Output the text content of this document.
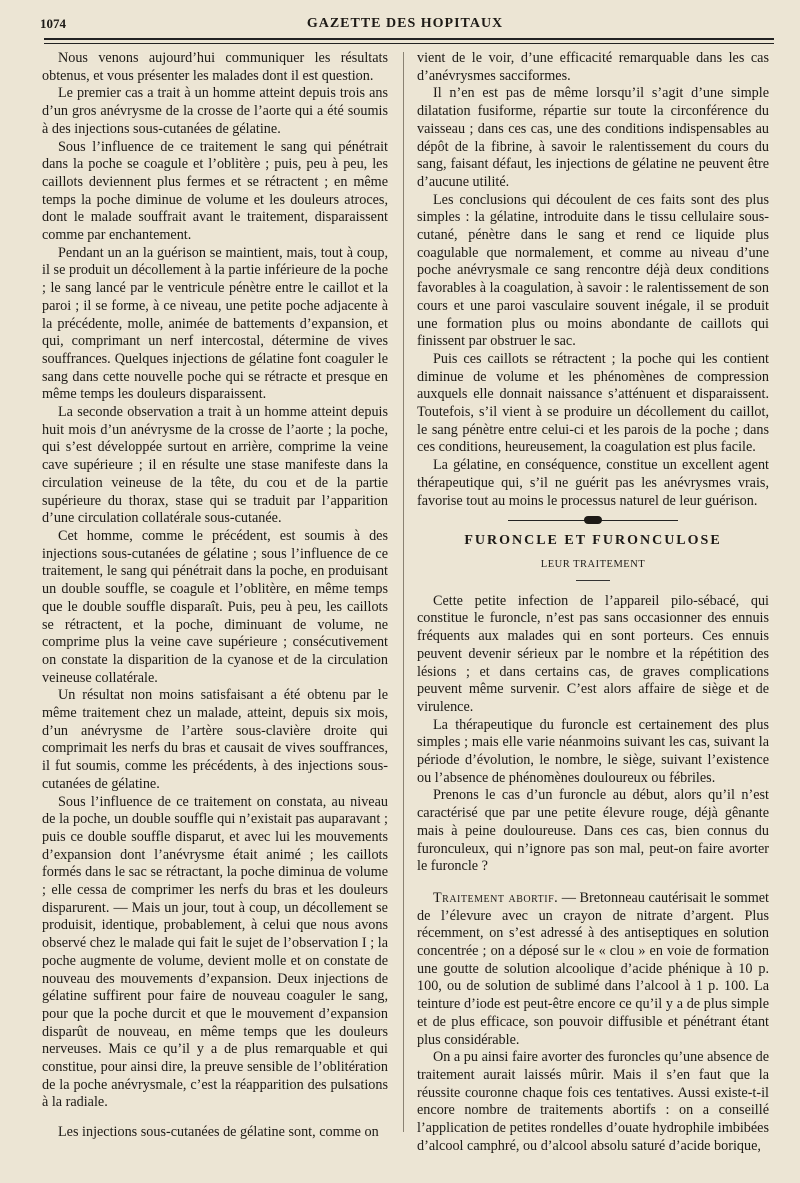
1074	GAZETTE DES HOPITAUX

Nous venons aujourd’hui communiquer les résultats obtenus, et vous présenter les malades dont il est question.

Le premier cas a trait à un homme atteint depuis trois ans d’un gros anévrysme de la crosse de l’aorte qui a été soumis à des injections sous-cutanées de gélatine.

Sous l’influence de ce traitement le sang qui pénétrait dans la poche se coagule et l’oblitère ; puis, peu à peu, les caillots deviennent plus fermes et se rétractent ; en même temps la poche diminue de volume et les douleurs atroces, dont le malade souffrait avant le traitement, disparaissent comme par enchantement.

Pendant un an la guérison se maintient, mais, tout à coup, il se produit un décollement à la partie inférieure de la poche ; le sang lancé par le ventricule pénètre entre le caillot et la paroi ; il se forme, à ce niveau, une petite poche adjacente à la précédente, molle, animée de battements d’expansion, et qui, comprimant un nerf intercostal, détermine de vives souffrances. Quelques injections de gélatine font coaguler le sang dans cette nouvelle poche qui se rétracte et presque en même temps les douleurs disparaissent.

La seconde observation a trait à un homme atteint depuis huit mois d’un anévrysme de la crosse de l’aorte ; la poche, qui s’est développée surtout en arrière, comprime la veine cave supérieure ; il en résulte une stase manifeste dans la circulation veineuse de la tête, du cou et de la partie supérieure du thorax, stase qui se traduit par l’apparition d’une circulation collatérale sous-cutanée.

Cet homme, comme le précédent, est soumis à des injections sous-cutanées de gélatine ; sous l’influence de ce traitement, le sang qui pénétrait dans la poche, en produisant un double souffle, se coagule et l’oblitère, en même temps que le double souffle disparaît. Puis, peu à peu, les caillots se rétractent, et la poche, diminuant de volume, ne comprime plus la veine cave supérieure ; consécutivement on constate la disparition de la cyanose et de la circulation veineuse collatérale.

Un résultat non moins satisfaisant a été obtenu par le même traitement chez un malade, atteint, depuis six mois, d’un anévrysme de l’artère sous-clavière droite qui comprimait les nerfs du bras et causait de vives souffrances, il fut soumis, comme les précédents, à des injections sous-cutanées de gélatine.

Sous l’influence de ce traitement on constata, au niveau de la poche, un double souffle qui n’existait pas auparavant ; puis ce double souffle disparut, et avec lui les mouvements d’expansion dont l’anévrysme était animé ; les caillots formés dans le sac se rétractant, la poche diminua de volume ; elle cessa de comprimer les nerfs du bras et les douleurs disparurent. — Mais un jour, tout à coup, un décollement se produisit, identique, probablement, à celui que nous avons observé chez le malade qui fait le sujet de l’observation I ; la poche augmente de volume, devient molle et on constate de nouveau des mouvements d’expansion. Deux injections de gélatine suffirent pour faire de nouveau coaguler le sang, pour que la poche durcit et que le mouvement d’expansion disparût de nouveau, en même temps que les douleurs nerveuses. Mais ce qu’il y a de plus remarquable et qui constitue, pour ainsi dire, la preuve sensible de l’oblitération de la poche anévrysmale, c’est la réapparition des pulsations à la radiale.

Les injections sous-cutanées de gélatine sont, comme on

vient de le voir, d’une efficacité remarquable dans les cas d’anévrysmes sacciformes.

Il n’en est pas de même lorsqu’il s’agit d’une simple dilatation fusiforme, répartie sur toute la circonférence du vaisseau ; dans ces cas, une des conditions indispensables au dépôt de la fibrine, à savoir le ralentissement du cours du sang, faisant défaut, les injections de gélatine ne peuvent être d’aucune utilité.

Les conclusions qui découlent de ces faits sont des plus simples : la gélatine, introduite dans le tissu cellulaire sous-cutané, pénètre dans le sang et rend ce liquide plus coagulable que normalement, et comme au niveau d’une poche anévrysmale ce sang rencontre déjà deux conditions favorables à la coagulation, à savoir : le ralentissement de son cours et une paroi vasculaire souvent inégale, il se produit une formation plus ou moins abondante de caillots qui finissent par obstruer le sac.

Puis ces caillots se rétractent ; la poche qui les contient diminue de volume et les phénomènes de compression auxquels elle donnait naissance s’atténuent et disparaissent. Toutefois, s’il vient à se produire un décollement du caillot, le sang pénètre entre celui-ci et les parois de la poche ; dans ces conditions, heureusement, la coagulation est plus facile.

La gélatine, en conséquence, constitue un excellent agent thérapeutique qui, s’il ne guérit pas les anévrysmes vrais, favorise tout au moins le processus naturel de leur guérison.

FURONCLE ET FURONCULOSE
LEUR TRAITEMENT

Cette petite infection de l’appareil pilo-sébacé, qui constitue le furoncle, n’est pas sans occasionner des ennuis fréquents aux malades qui en sont porteurs. Ces ennuis peuvent devenir sérieux par le nombre et la répétition des lésions ; et dans certains cas, de graves complications peuvent même survenir. C’est alors affaire de siège et de virulence.

La thérapeutique du furoncle est certainement des plus simples ; mais elle varie néanmoins suivant les cas, suivant la période d’évolution, le nombre, le siège, suivant l’existence ou l’absence de phénomènes douloureux ou fébriles.

Prenons le cas d’un furoncle au début, alors qu’il n’est caractérisé que par une petite élevure rouge, déjà gênante mais à peine douloureuse. Dans ces cas, bien connus du furonculeux, qui n’ignore pas son mal, peut-on faire avorter le furoncle ?

Traitement abortif. — Bretonneau cautérisait le sommet de l’élevure avec un crayon de nitrate d’argent. Plus récemment, on s’est adressé à des antiseptiques en solution concentrée ; on a déposé sur le « clou » en voie de formation une goutte de solution alcoolique d’acide phénique à 10 p. 100, ou de solution de sublimé dans l’alcool à 1 p. 100. La teinture d’iode est peut-être encore ce qu’il y a de plus simple et de plus efficace, son pouvoir diffusible et pénétrant étant plus considérable.

On a pu ainsi faire avorter des furoncles qu’une absence de traitement aurait laissés mûrir. Mais il s’en faut que la réussite couronne chaque fois ces tentatives. Aussi existe-t-il encore nombre de traitements abortifs : on a conseillé l’application de petites rondelles d’ouate hydrophile imbibées d’alcool camphré, ou d’alcool absolu saturé d’acide borique,
